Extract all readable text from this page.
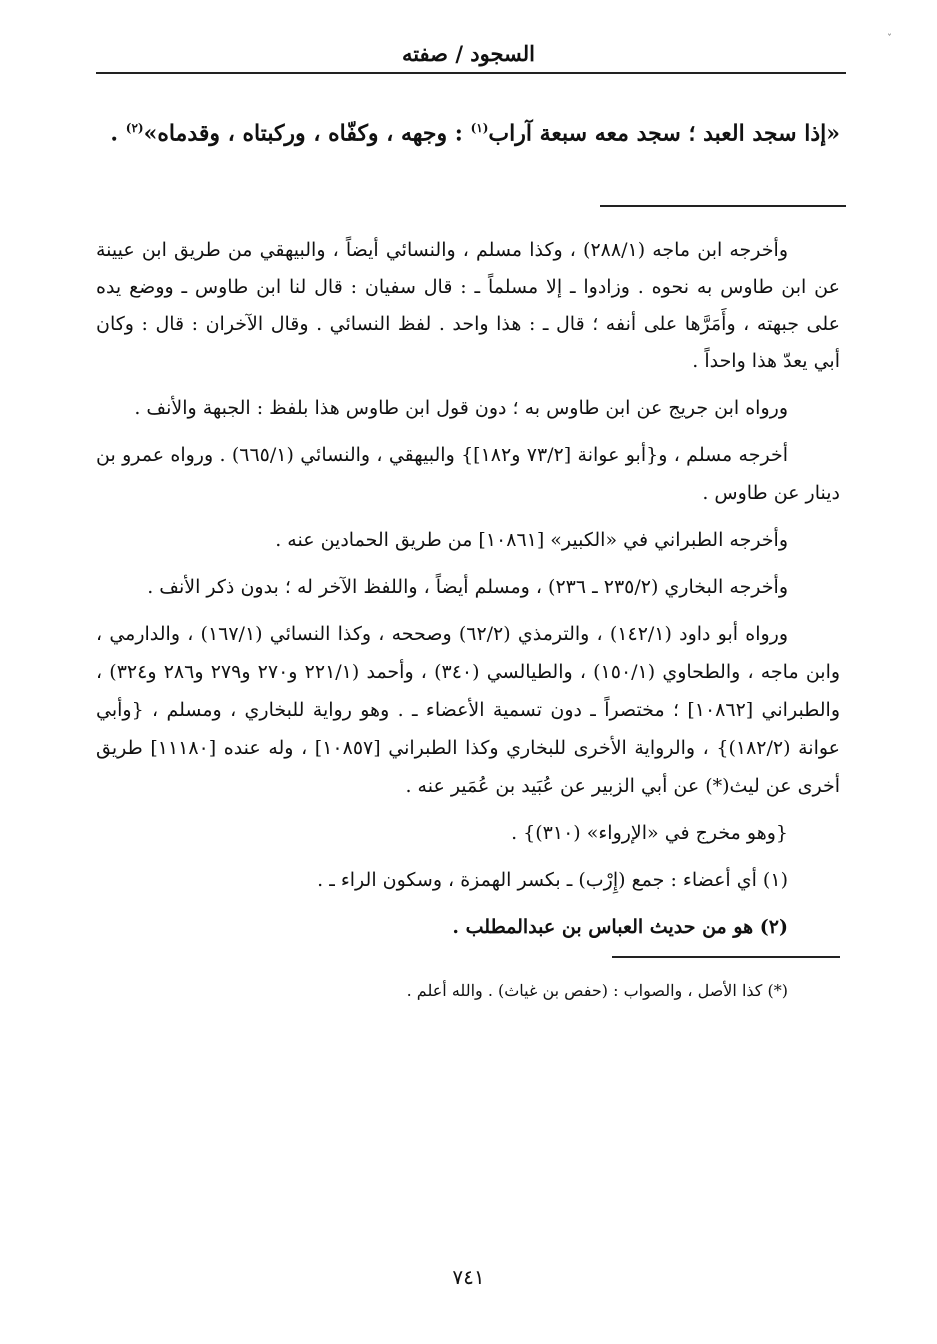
ˇ
السجود / صفته
«إذا سجد العبد ؛ سجد معه سبعة آراب$^{(١)}$ : وجهه ، وكفّاه ، وركبتاه ، وقدماه»$^{(٢)}$ .

وأخرجه ابن ماجه (٢٨٨/١) ، وكذا مسلم ، والنسائي أيضاً ، والبيهقي من طريق ابن عيينة عن ابن طاوس به نحوه . وزادوا ـ إلا مسلماً ـ : قال سفيان : قال لنا ابن طاوس ـ ووضع يده على جبهته ، وأَمَرَّها على أنفه ؛ قال ـ : هذا واحد . لفظ النسائي . وقال الآخران : قال : وكان أبي يعدّ هذا واحداً .

ورواه ابن جريج عن ابن طاوس به ؛ دون قول ابن طاوس هذا بلفظ : الجبهة والأنف .

أخرجه مسلم ، و{أبو عوانة [٧٣/٢ و١٨٢]} والبيهقي ، والنسائي (٦٦٥/١) . ورواه عمرو بن دينار عن طاوس .

وأخرجه الطبراني في «الكبير» [١٠٨٦١] من طريق الحمادين عنه .

وأخرجه البخاري (٢٣٥/٢ ـ ٢٣٦) ، ومسلم أيضاً ، واللفظ الآخر له ؛ بدون ذكر الأنف .

ورواه أبو داود (١٤٢/١) ، والترمذي (٦٢/٢) وصححه ، وكذا النسائي (١٦٧/١) ، والدارمي ، وابن ماجه ، والطحاوي (١٥٠/١) ، والطيالسي (٣٤٠) ، وأحمد (٢٢١/١ و٢٧٠ و٢٧٩ و٢٨٦ و٣٢٤) ، والطبراني [١٠٨٦٢] ؛ مختصراً ـ دون تسمية الأعضاء ـ . وهو رواية للبخاري ، ومسلم ، {وأبي عوانة (١٨٢/٢)} ، والرواية الأخرى للبخاري وكذا الطبراني [١٠٨٥٧] ، وله عنده [١١١٨٠] طريق أخرى عن ليث(*) عن أبي الزبير عن عُبَيد بن عُمَير عنه .

{وهو مخرج في «الإرواء» (٣١٠)} .

(١) أي أعضاء : جمع (إِرْب) ـ بكسر الهمزة ، وسكون الراء ـ .

(٢) هو من حديث العباس بن عبدالمطلب .

(*) كذا الأصل ، والصواب : (حفص بن غياث) . والله أعلم .

٧٤١
